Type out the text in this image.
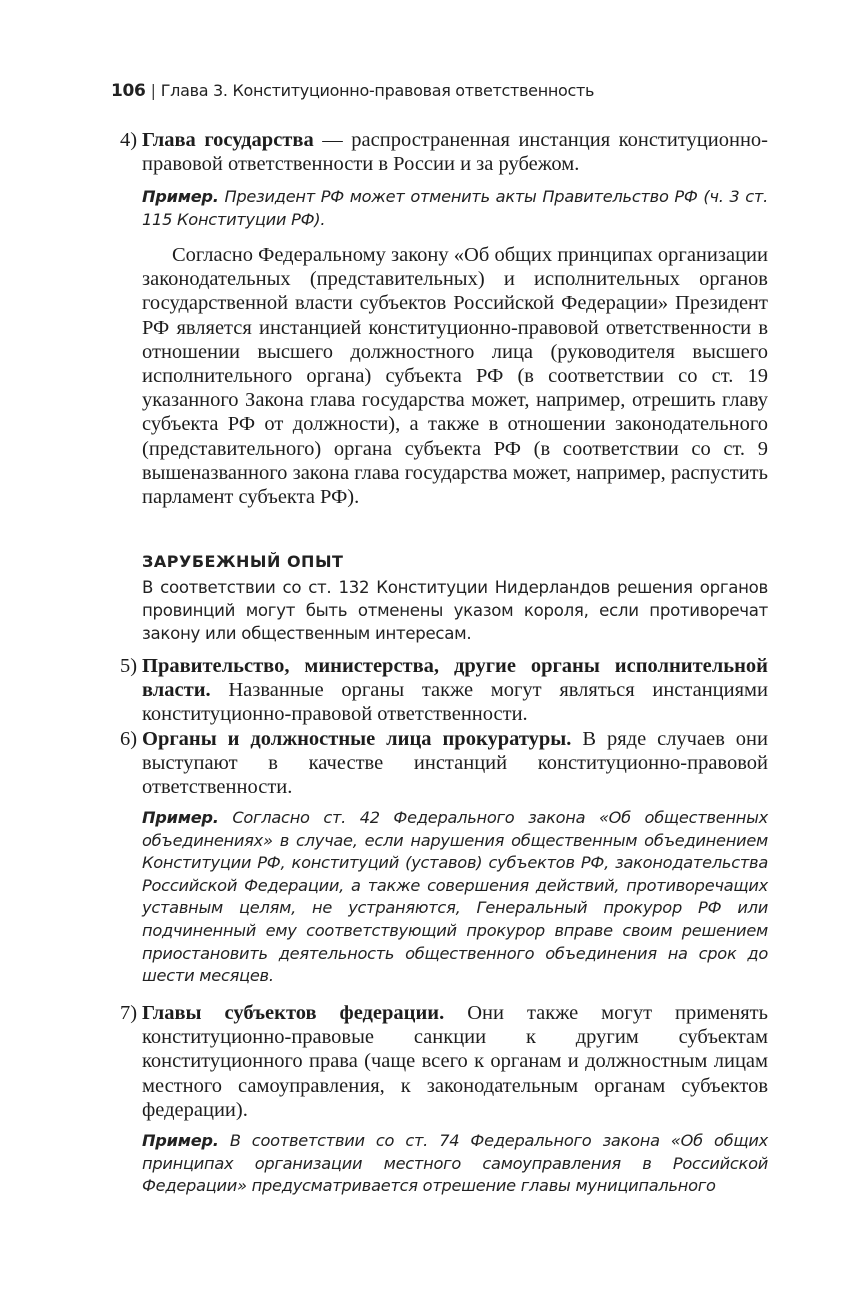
106 | Глава 3. Конституционно-правовая ответственность
4) Глава государства — распространенная инстанция конституционно-правовой ответственности в России и за рубежом.
Пример. Президент РФ может отменить акты Правительство РФ (ч. 3 ст. 115 Конституции РФ).
Согласно Федеральному закону «Об общих принципах организации законодательных (представительных) и исполнительных органов государственной власти субъектов Российской Федерации» Президент РФ является инстанцией конституционно-правовой ответственности в отношении высшего должностного лица (руководителя высшего исполнительного органа) субъекта РФ (в соответствии со ст. 19 указанного Закона глава государства может, например, отрешить главу субъекта РФ от должности), а также в отношении законодательного (представительного) органа субъекта РФ (в соответствии со ст. 9 вышеназванного закона глава государства может, например, распустить парламент субъекта РФ).
ЗАРУБЕЖНЫЙ ОПЫТ
В соответствии со ст. 132 Конституции Нидерландов решения органов провинций могут быть отменены указом короля, если противоречат закону или общественным интересам.
5) Правительство, министерства, другие органы исполнительной власти. Названные органы также могут являться инстанциями конституционно-правовой ответственности.
6) Органы и должностные лица прокуратуры. В ряде случаев они выступают в качестве инстанций конституционно-правовой ответственности.
Пример. Согласно ст. 42 Федерального закона «Об общественных объединениях» в случае, если нарушения общественным объединением Конституции РФ, конституций (уставов) субъектов РФ, законодательства Российской Федерации, а также совершения действий, противоречащих уставным целям, не устраняются, Генеральный прокурор РФ или подчиненный ему соответствующий прокурор вправе своим решением приостановить деятельность общественного объединения на срок до шести месяцев.
7) Главы субъектов федерации. Они также могут применять конституционно-правовые санкции к другим субъектам конституционного права (чаще всего к органам и должностным лицам местного самоуправления, к законодательным органам субъектов федерации).
Пример. В соответствии со ст. 74 Федерального закона «Об общих принципах организации местного самоуправления в Российской Федерации» предусматривается отрешение главы муниципального
